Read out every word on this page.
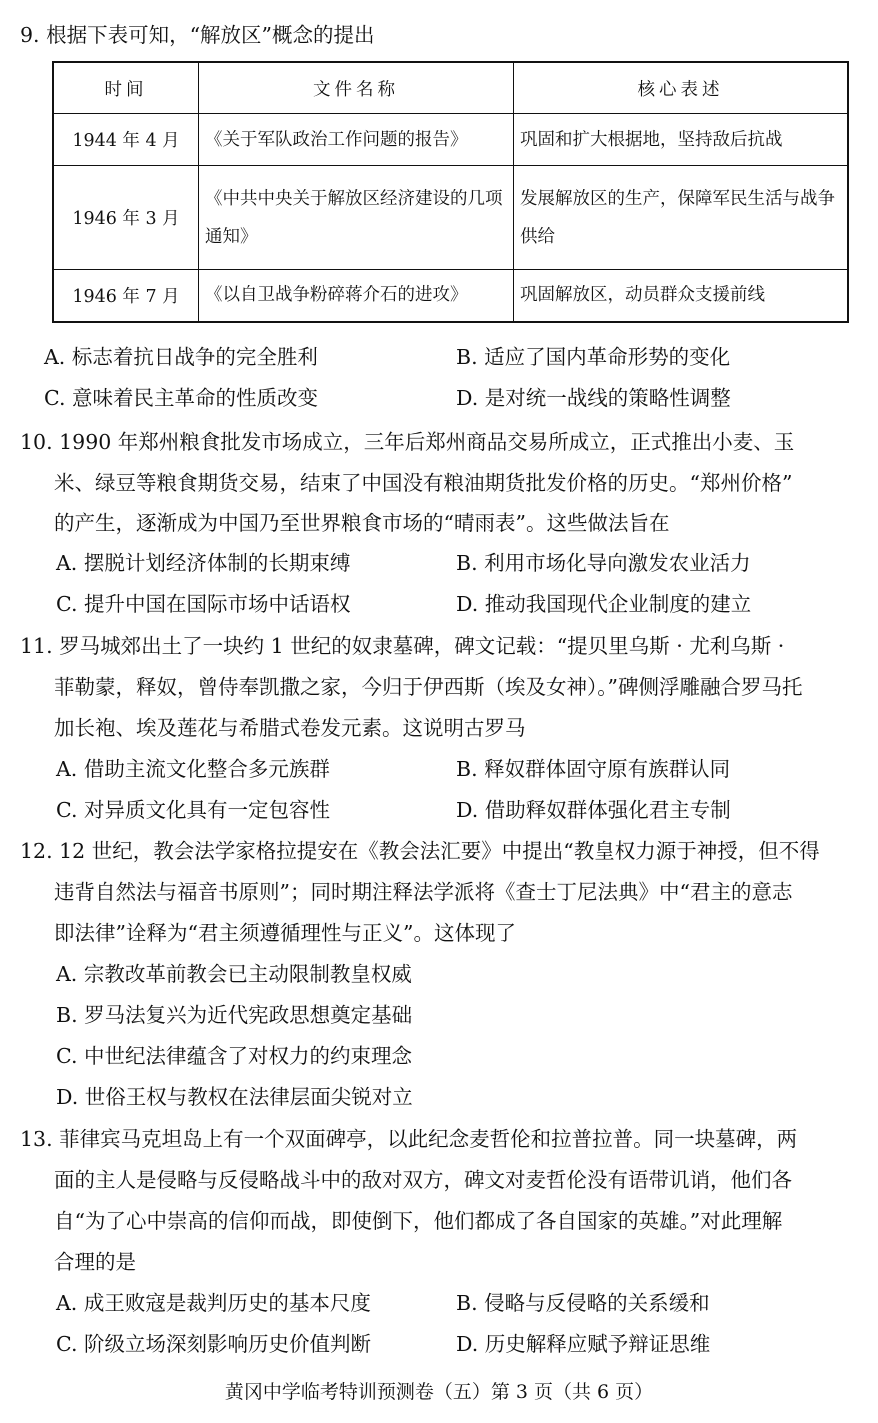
9. 根据下表可知，“解放区”概念的提出
时间	文件名称	核心表述
1944 年 4 月	《关于军队政治工作问题的报告》	巩固和扩大根据地，坚持敌后抗战
1946 年 3 月	《中共中央关于解放区经济建设的几项通知》	发展解放区的生产，保障军民生活与战争供给
1946 年 7 月	《以自卫战争粉碎蒋介石的进攻》	巩固解放区，动员群众支援前线
A. 标志着抗日战争的完全胜利	B. 适应了国内革命形势的变化
C. 意味着民主革命的性质改变	D. 是对统一战线的策略性调整
10. 1990 年郑州粮食批发市场成立，三年后郑州商品交易所成立，正式推出小麦、玉
米、绿豆等粮食期货交易，结束了中国没有粮油期货批发价格的历史。“郑州价格”
的产生，逐渐成为中国乃至世界粮食市场的“晴雨表”。这些做法旨在
A. 摆脱计划经济体制的长期束缚	B. 利用市场化导向激发农业活力
C. 提升中国在国际市场中话语权	D. 推动我国现代企业制度的建立
11. 罗马城郊出土了一块约 1 世纪的奴隶墓碑，碑文记载：“提贝里乌斯 · 尤利乌斯 ·
菲勒蒙，释奴，曾侍奉凯撒之家，今归于伊西斯（埃及女神）。”碑侧浮雕融合罗马托
加长袍、埃及莲花与希腊式卷发元素。这说明古罗马
A. 借助主流文化整合多元族群	B. 释奴群体固守原有族群认同
C. 对异质文化具有一定包容性	D. 借助释奴群体强化君主专制
12. 12 世纪，教会法学家格拉提安在《教会法汇要》中提出“教皇权力源于神授，但不得
违背自然法与福音书原则”；同时期注释法学派将《查士丁尼法典》中“君主的意志
即法律”诠释为“君主须遵循理性与正义”。这体现了
A. 宗教改革前教会已主动限制教皇权威
B. 罗马法复兴为近代宪政思想奠定基础
C. 中世纪法律蕴含了对权力的约束理念
D. 世俗王权与教权在法律层面尖锐对立
13. 菲律宾马克坦岛上有一个双面碑亭，以此纪念麦哲伦和拉普拉普。同一块墓碑，两
面的主人是侵略与反侵略战斗中的敌对双方，碑文对麦哲伦没有语带讥诮，他们各
自“为了心中崇高的信仰而战，即使倒下，他们都成了各自国家的英雄。”对此理解
合理的是
A. 成王败寇是裁判历史的基本尺度	B. 侵略与反侵略的关系缓和
C. 阶级立场深刻影响历史价值判断	D. 历史解释应赋予辩证思维
黄冈中学临考特训预测卷（五）第 3 页（共 6 页）
